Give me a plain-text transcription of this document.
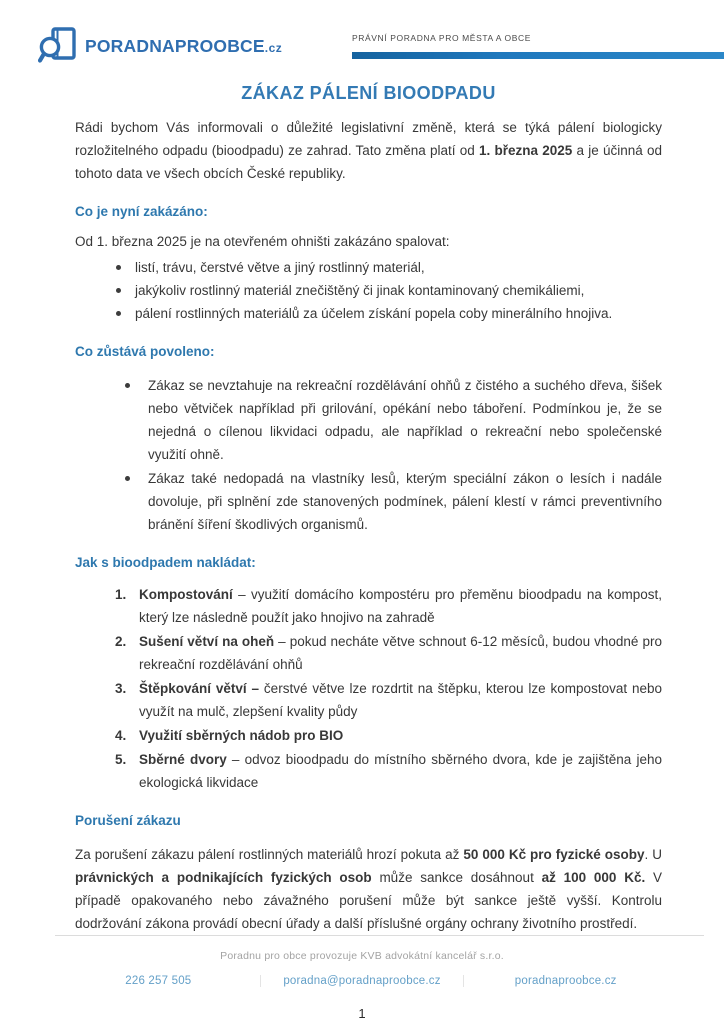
PORADNAPROOBCE.cz
PRÁVNÍ PORADNA PRO MĚSTA A OBCE
ZÁKAZ PÁLENÍ BIOODPADU

Rádi bychom Vás informovali o důležité legislativní změně, která se týká pálení biologicky rozložitelného odpadu (bioodpadu) ze zahrad. Tato změna platí od 1. března 2025 a je účinná od tohoto data ve všech obcích České republiky.

Co je nyní zakázáno:

Od 1. března 2025 je na otevřeném ohništi zakázáno spalovat:

listí, trávu, čerstvé větve a jiný rostlinný materiál,
jakýkoliv rostlinný materiál znečištěný či jinak kontaminovaný chemikáliemi,
pálení rostlinných materiálů za účelem získání popela coby minerálního hnojiva.
Co zůstává povoleno:
Zákaz se nevztahuje na rekreační rozdělávání ohňů z čistého a suchého dřeva, šišek nebo větviček například při grilování, opékání nebo táboření. Podmínkou je, že se nejedná o cílenou likvidaci odpadu, ale například o rekreační nebo společenské využití ohně.
Zákaz také nedopadá na vlastníky lesů, kterým speciální zákon o lesích i nadále dovoluje, při splnění zde stanovených podmínek, pálení klestí v rámci preventivního bránění šíření škodlivých organismů.
Jak s bioodpadem nakládat:
Kompostování – využití domácího kompostéru pro přeměnu bioodpadu na kompost, který lze následně použít jako hnojivo na zahradě
Sušení větví na oheň – pokud necháte větve schnout 6-12 měsíců, budou vhodné pro rekreační rozdělávání ohňů
Štěpkování větví – čerstvé větve lze rozdrtit na štěpku, kterou lze kompostovat nebo využít na mulč, zlepšení kvality půdy
Využití sběrných nádob pro BIO
Sběrné dvory – odvoz bioodpadu do místního sběrného dvora, kde je zajištěna jeho ekologická likvidace
Porušení zákazu

Za porušení zákazu pálení rostlinných materiálů hrozí pokuta až 50 000 Kč pro fyzické osoby. U právnických a podnikajících fyzických osob může sankce dosáhnout až 100 000 Kč. V případě opakovaného nebo závažného porušení může být sankce ještě vyšší. Kontrolu dodržování zákona provádí obecní úřady a další příslušné orgány ochrany životního prostředí.

Poradnu pro obce provozuje KVB advokátní kancelář s.r.o.
226 257 505	poradna@poradnaproobce.cz	poradnaproobce.cz
1
